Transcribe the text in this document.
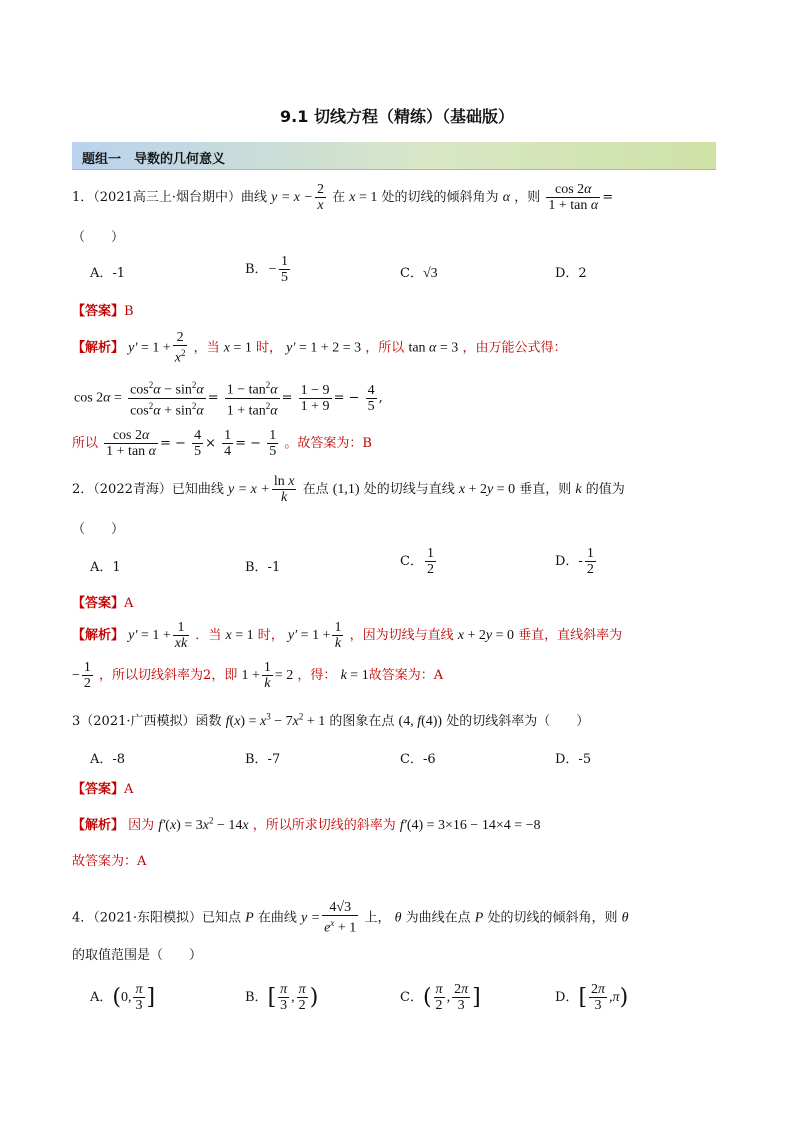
9.1 切线方程（精练）（基础版）
题组一　导数的几何意义
1．（2021高三上·烟台期中）曲线 $y = x - \frac{2}{x}$ 在 x = 1 处的切线的倾斜角为 α ，则 $\frac{\cos 2\alpha}{\text{1 + tan α}}$ =
（　　）
A．-1	B．− $\frac{1}{5}$	C．√3	D．2
【答案】B
【解析】 $y' = 1 + \frac{2}{x^2}$ ，当 x = 1 时， y′ = 1 + 2 = 3 ，所以 tan α = 3 ，由万能公式得：
$\cos 2\alpha = \frac{\cos^2\alpha - \sin^2\alpha}{\cos^2\alpha + \sin^2\alpha} = \frac{1 - \tan^2\alpha}{1 + \tan^2\alpha} = \frac{1 - 9}{1 + 9}$ = − $\frac{4}{5}$ ,
所以 $\frac{\cos 2\alpha}{\text{1 + tan α}}$ = − $\frac{4}{5} \times \frac{1}{4}$ = − $\frac{1}{5}$ 。故答案为：B
2．（2022青海）已知曲线 $y = x + \frac{\text{ln x}}{k}$ 在点 (1,1) 处的切线与直线 x + 2y = 0 垂直，则 k 的值为
（　　）
A．1	B．-1	C． $\frac{1}{2}$	D．- $\frac{1}{2}$
【答案】A
【解析】 $y' = 1 + \frac{1}{xk}$ ．当 x = 1 时， $y' = 1 + \frac{1}{k}$ ，因为切线与直线 x + 2y = 0 垂直，直线斜率为
− $\frac{1}{2}$ ，所以切线斜率为2，即 $1 + \frac{1}{k} = 2$ ，得： k = 1故答案为：A
3（2021·广西模拟）函数 $f(x) = x^3 - 7x^2 + 1$ 的图象在点 (4, f(4)) 处的切线斜率为（　　）
A．-8	B．-7	C．-6	D．-5
【答案】A
【解析】 因为 $f'(x) = 3x^2 - 14x$ ，所以所求切线的斜率为 f′(4) = 3×16 − 14×4 = −8
故答案为：A
4．（2021·东阳模拟）已知点 P 在曲线 $y = \frac{4√3}{e^x + 1}$ 上， θ 为曲线在点 P 处的切线的倾斜角，则 θ
的取值范围是（　　）
A．(0, $\frac{\pi}{3}$ ]	B．[ $\frac{\pi}{3}$ , $\frac{\pi}{2}$ )	C．( $\frac{\pi}{2}$ , $\frac{2\pi}{3}$ ]	D．[ $\frac{2\pi}{3} ,\pi$)
